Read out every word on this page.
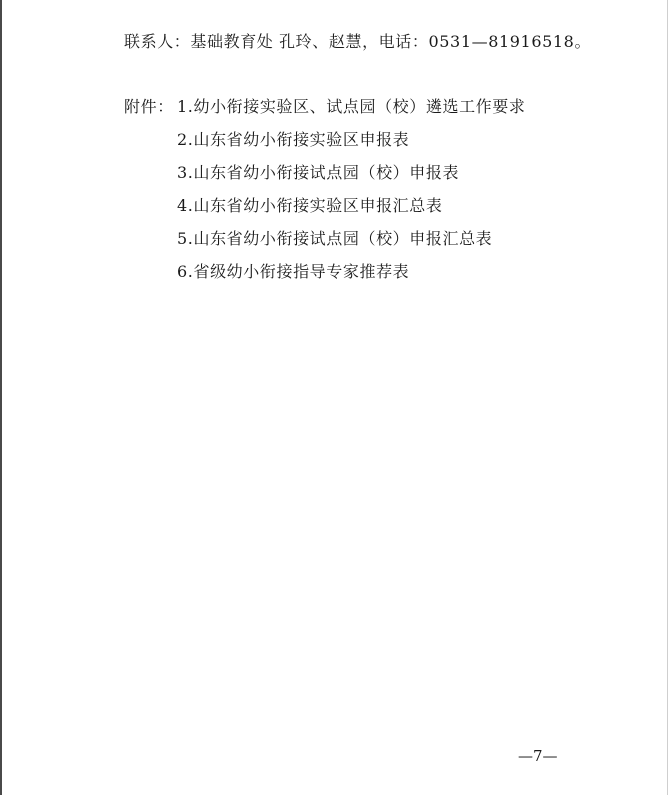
联系人：基础教育处 孔玲、赵慧，电话：0531—81916518。
附件： 1.幼小衔接实验区、试点园（校）遴选工作要求
2.山东省幼小衔接实验区申报表
3.山东省幼小衔接试点园（校）申报表
4.山东省幼小衔接实验区申报汇总表
5.山东省幼小衔接试点园（校）申报汇总表
6.省级幼小衔接指导专家推荐表
—7—
